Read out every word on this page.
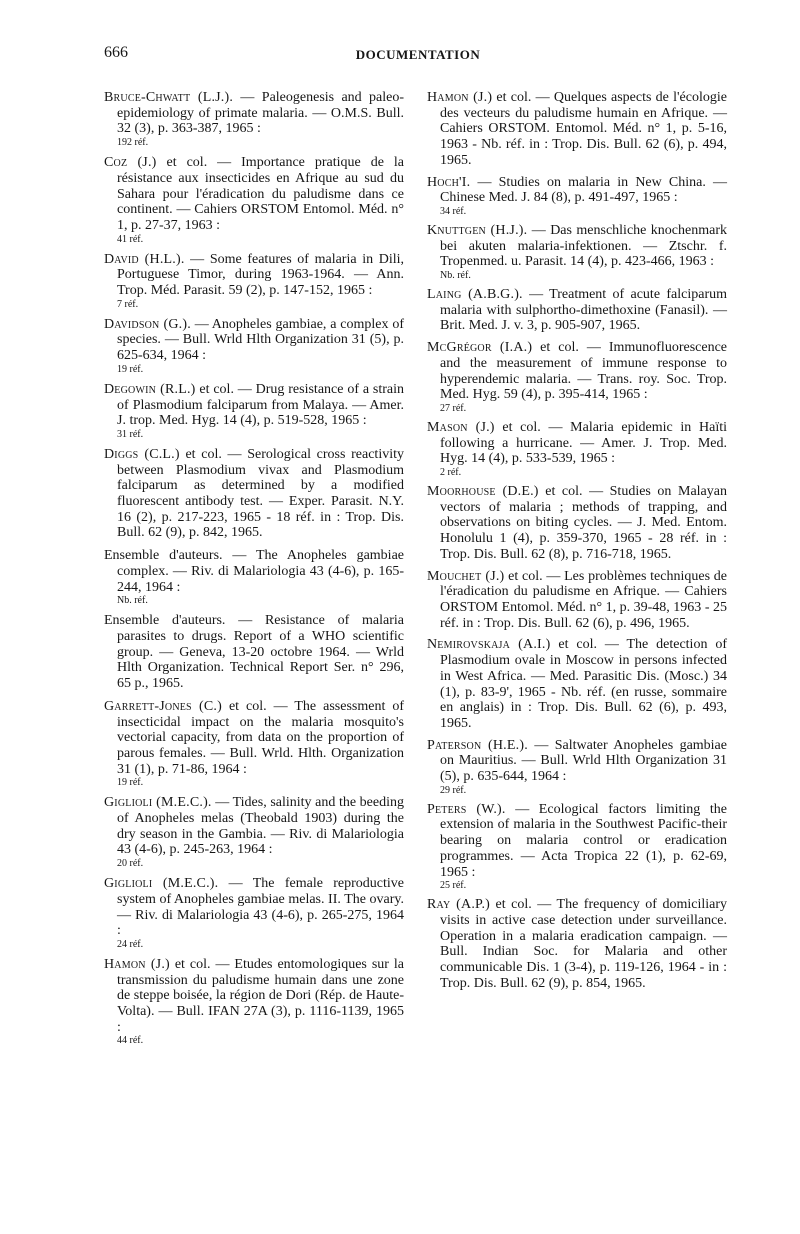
666	DOCUMENTATION
Bruce-Chwatt (L.J.). — Paleogenesis and paleo-epidemiology of primate malaria. — O.M.S. Bull. 32 (3), p. 363-387, 1965 :
192 réf.
Coz (J.) et col. — Importance pratique de la résistance aux insecticides en Afrique au sud du Sahara pour l'éradication du paludisme dans ce continent. — Cahiers ORSTOM Entomol. Méd. n° 1, p. 27-37, 1963 :
41 réf.
David (H.L.). — Some features of malaria in Dili, Portuguese Timor, during 1963-1964. — Ann. Trop. Méd. Parasit. 59 (2), p. 147-152, 1965 :
7 réf.
Davidson (G.). — Anopheles gambiae, a complex of species. — Bull. Wrld Hlth Organization 31 (5), p. 625-634, 1964 :
19 réf.
Degowin (R.L.) et col. — Drug resistance of a strain of Plasmodium falciparum from Malaya. — Amer. J. trop. Med. Hyg. 14 (4), p. 519-528, 1965 :
31 réf.
Diggs (C.L.) et col. — Serological cross reactivity between Plasmodium vivax and Plasmodium falciparum as determined by a modified fluorescent antibody test. — Exper. Parasit. N.Y. 16 (2), p. 217-223, 1965 - 18 réf. in : Trop. Dis. Bull. 62 (9), p. 842, 1965.
Ensemble d'auteurs. — The Anopheles gambiae complex. — Riv. di Malariologia 43 (4-6), p. 165-244, 1964 :
Nb. réf.
Ensemble d'auteurs. — Resistance of malaria parasites to drugs. Report of a WHO scientific group. — Geneva, 13-20 octobre 1964. — Wrld Hlth Organization. Technical Report Ser. n° 296, 65 p., 1965.
Garrett-Jones (C.) et col. — The assessment of insecticidal impact on the malaria mosquito's vectorial capacity, from data on the proportion of parous females. — Bull. Wrld. Hlth. Organization 31 (1), p. 71-86, 1964 :
19 réf.
Giglioli (M.E.C.). — Tides, salinity and the beeding of Anopheles melas (Theobald 1903) during the dry season in the Gambia. — Riv. di Malariologia 43 (4-6), p. 245-263, 1964 :
20 réf.
Giglioli (M.E.C.). — The female reproductive system of Anopheles gambiae melas. II. The ovary. — Riv. di Malariologia 43 (4-6), p. 265-275, 1964 :
24 réf.
Hamon (J.) et col. — Etudes entomologiques sur la transmission du paludisme humain dans une zone de steppe boisée, la région de Dori (Rép. de Haute-Volta). — Bull. IFAN 27A (3), p. 1116-1139, 1965 :
44 réf.
Hamon (J.) et col. — Quelques aspects de l'écologie des vecteurs du paludisme humain en Afrique. — Cahiers ORSTOM. Entomol. Méd. n° 1, p. 5-16, 1963 - Nb. réf. in : Trop. Dis. Bull. 62 (6), p. 494, 1965.
Hoch'I. — Studies on malaria in New China. — Chinese Med. J. 84 (8), p. 491-497, 1965 :
34 réf.
Knuttgen (H.J.). — Das menschliche knochenmark bei akuten malaria-infektionen. — Ztschr. f. Tropenmed. u. Parasit. 14 (4), p. 423-466, 1963 :
Nb. réf.
Laing (A.B.G.). — Treatment of acute falciparum malaria with sulphortho-dimethoxine (Fanasil). — Brit. Med. J. v. 3, p. 905-907, 1965.
McGrégor (I.A.) et col. — Immunofluorescence and the measurement of immune response to hyperendemic malaria. — Trans. roy. Soc. Trop. Med. Hyg. 59 (4), p. 395-414, 1965 :
27 réf.
Mason (J.) et col. — Malaria epidemic in Haïti following a hurricane. — Amer. J. Trop. Med. Hyg. 14 (4), p. 533-539, 1965 :
2 réf.
Moorhouse (D.E.) et col. — Studies on Malayan vectors of malaria ; methods of trapping, and observations on biting cycles. — J. Med. Entom. Honolulu 1 (4), p. 359-370, 1965 - 28 réf. in : Trop. Dis. Bull. 62 (8), p. 716-718, 1965.
Mouchet (J.) et col. — Les problèmes techniques de l'éradication du paludisme en Afrique. — Cahiers ORSTOM Entomol. Méd. n° 1, p. 39-48, 1963 - 25 réf. in : Trop. Dis. Bull. 62 (6), p. 496, 1965.
Nemirovskaja (A.I.) et col. — The detection of Plasmodium ovale in Moscow in persons infected in West Africa. — Med. Parasitic Dis. (Mosc.) 34 (1), p. 83-9', 1965 - Nb. réf. (en russe, sommaire en anglais) in : Trop. Dis. Bull. 62 (6), p. 493, 1965.
Paterson (H.E.). — Saltwater Anopheles gambiae on Mauritius. — Bull. Wrld Hlth Organization 31 (5), p. 635-644, 1964 :
29 réf.
Peters (W.). — Ecological factors limiting the extension of malaria in the Southwest Pacific-their bearing on malaria control or eradication programmes. — Acta Tropica 22 (1), p. 62-69, 1965 :
25 réf.
Ray (A.P.) et col. — The frequency of domiciliary visits in active case detection under surveillance. Operation in a malaria eradication campaign. — Bull. Indian Soc. for Malaria and other communicable Dis. 1 (3-4), p. 119-126, 1964 - in : Trop. Dis. Bull. 62 (9), p. 854, 1965.
